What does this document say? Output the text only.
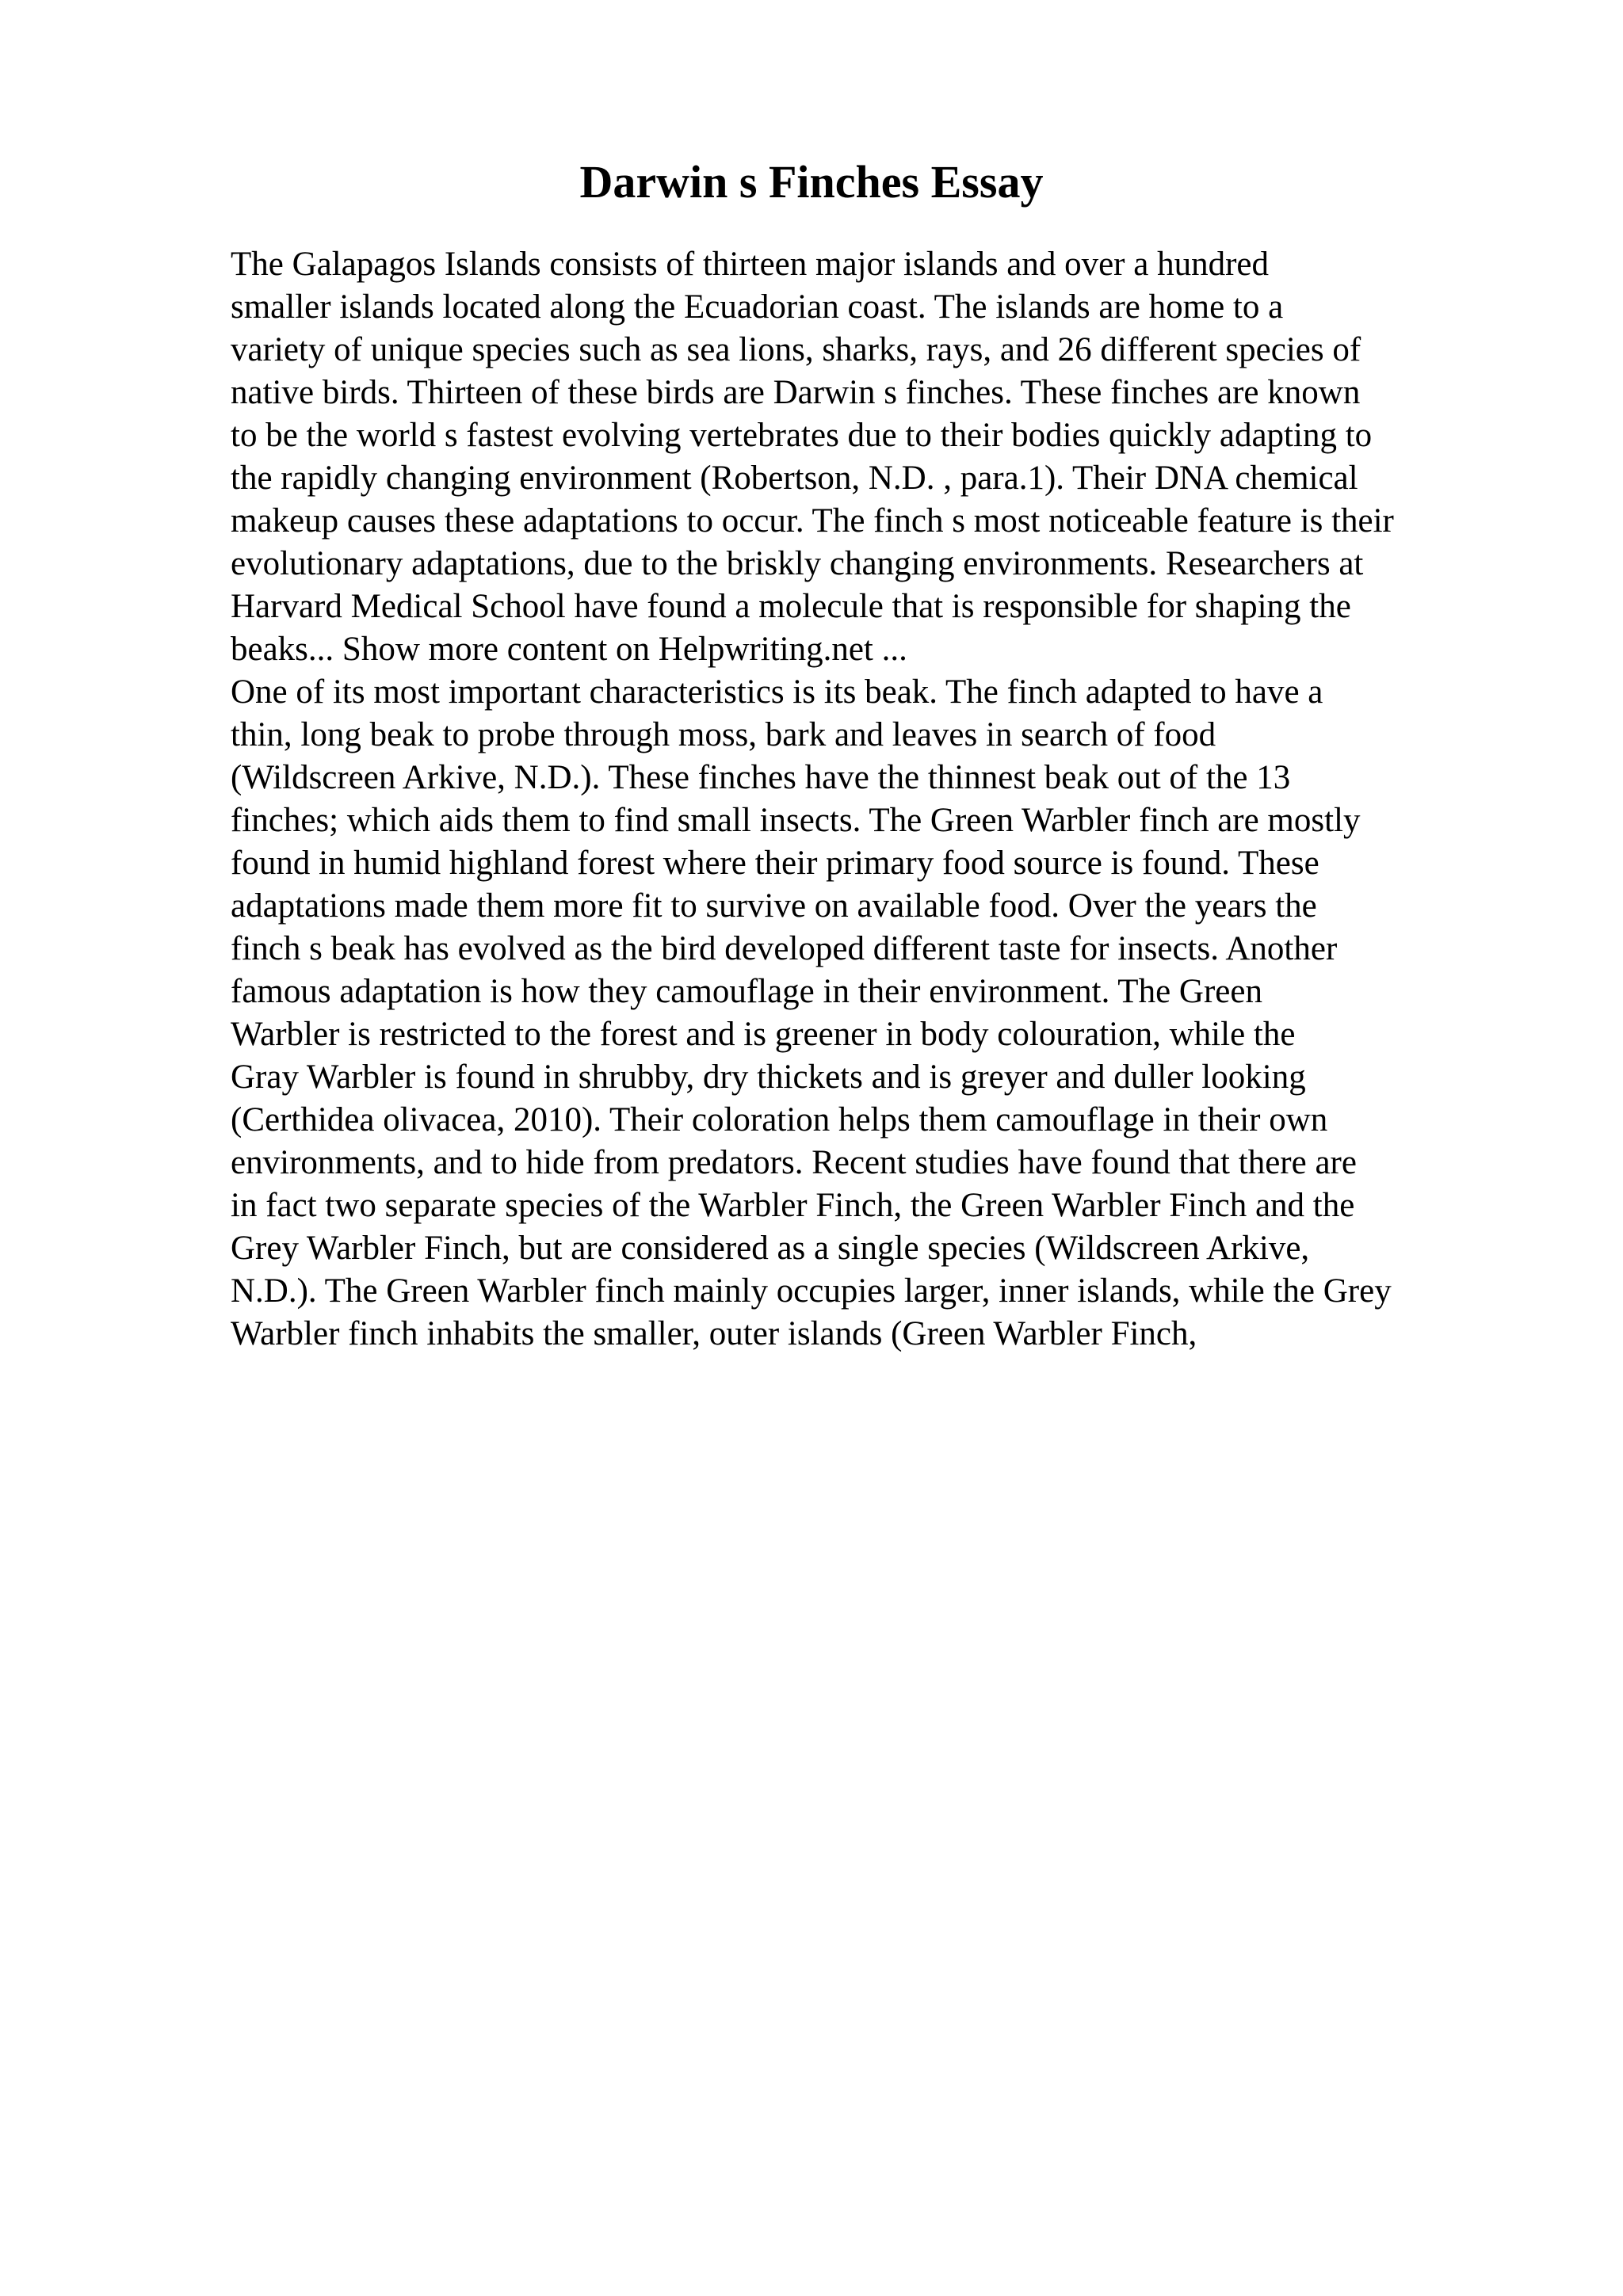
Darwin s Finches Essay
The Galapagos Islands consists of thirteen major islands and over a hundred
smaller islands located along the Ecuadorian coast. The islands are home to a
variety of unique species such as sea lions, sharks, rays, and 26 different species of
native birds. Thirteen of these birds are Darwin s finches. These finches are known
to be the world s fastest evolving vertebrates due to their bodies quickly adapting to
the rapidly changing environment (Robertson, N.D. , para.1). Their DNA chemical
makeup causes these adaptations to occur. The finch s most noticeable feature is their
evolutionary adaptations, due to the briskly changing environments. Researchers at
Harvard Medical School have found a molecule that is responsible for shaping the
beaks... Show more content on Helpwriting.net ...
One of its most important characteristics is its beak. The finch adapted to have a
thin, long beak to probe through moss, bark and leaves in search of food
(Wildscreen Arkive, N.D.). These finches have the thinnest beak out of the 13
finches; which aids them to find small insects. The Green Warbler finch are mostly
found in humid highland forest where their primary food source is found. These
adaptations made them more fit to survive on available food. Over the years the
finch s beak has evolved as the bird developed different taste for insects. Another
famous adaptation is how they camouflage in their environment. The Green
Warbler is restricted to the forest and is greener in body colouration, while the
Gray Warbler is found in shrubby, dry thickets and is greyer and duller looking
(Certhidea olivacea, 2010). Their coloration helps them camouflage in their own
environments, and to hide from predators. Recent studies have found that there are
in fact two separate species of the Warbler Finch, the Green Warbler Finch and the
Grey Warbler Finch, but are considered as a single species (Wildscreen Arkive,
N.D.). The Green Warbler finch mainly occupies larger, inner islands, while the Grey
Warbler finch inhabits the smaller, outer islands (Green Warbler Finch,
